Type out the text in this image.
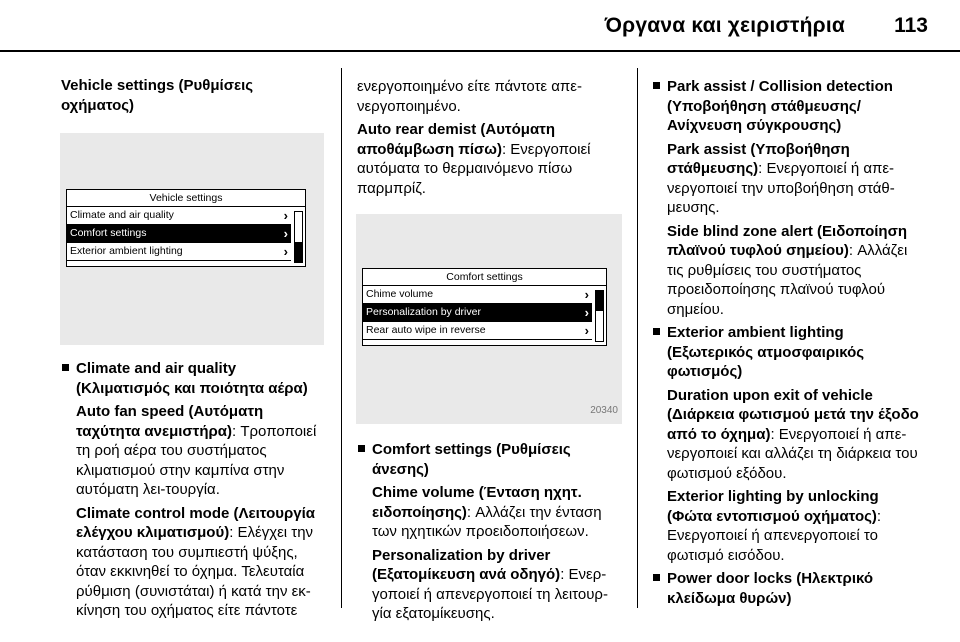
Όργανα και χειριστήρια 113

Vehicle settings (Ρυθμίσεις οχήματος)

Vehicle settings
Climate and air quality	›
Comfort settings	›
Exterior ambient lighting	›
Climate and air quality (Κλιματισμός και ποιότητα αέρα)

Auto fan speed (Αυτόματη ταχύτητα ανεμιστήρα): Τροποποιεί τη ροή αέρα του συστήματος κλιματισμού στην καμπίνα στην αυτόματη λει-τουργία.

Climate control mode (Λειτουργία ελέγχου κλιματισμού): Ελέγχει την κατάσταση του συμπιεστή ψύξης, όταν εκκινηθεί το όχημα. Τελευταία ρύθμιση (συνιστάται) ή κατά την εκ-κίνηση του οχήματος είτε πάντοτε

ενεργοποιημένο είτε πάντοτε απε-νεργοποιημένο.

Auto rear demist (Αυτόματη αποθάμβωση πίσω): Ενεργοποιεί αυτόματα το θερμαινόμενο πίσω παρμπρίζ.

Comfort settings
Chime volume	›
Personalization by driver	›
Rear auto wipe in reverse	›
20340
Comfort settings (Ρυθμίσεις άνεσης)

Chime volume (Ένταση ηχητ. ειδοποίησης): Αλλάζει την ένταση των ηχητικών προειδοποιήσεων.

Personalization by driver (Εξατομίκευση ανά οδηγό): Ενερ-γοποιεί ή απενεργοποιεί τη λειτουρ-γία εξατομίκευσης.

Park assist / Collision detection (Υποβοήθηση στάθμευσης/ Ανίχνευση σύγκρουσης)

Park assist (Υποβοήθηση στάθμευσης): Ενεργοποιεί ή απε-νεργοποιεί την υποβοήθηση στάθ-μευσης.

Side blind zone alert (Ειδοποίηση πλαϊνού τυφλού σημείου): Αλλάζει τις ρυθμίσεις του συστήματος προειδοποίησης πλαϊνού τυφλού σημείου.

Exterior ambient lighting (Εξωτερικός ατμοσφαιρικός φωτισμός)

Duration upon exit of vehicle (Διάρκεια φωτισμού μετά την έξοδο από το όχημα): Ενεργοποιεί ή απε-νεργοποιεί και αλλάζει τη διάρκεια του φωτισμού εξόδου.

Exterior lighting by unlocking (Φώτα εντοπισμού οχήματος): Ενεργοποιεί ή απενεργοποιεί το φωτισμό εισόδου.

Power door locks (Ηλεκτρικό κλείδωμα θυρών)
